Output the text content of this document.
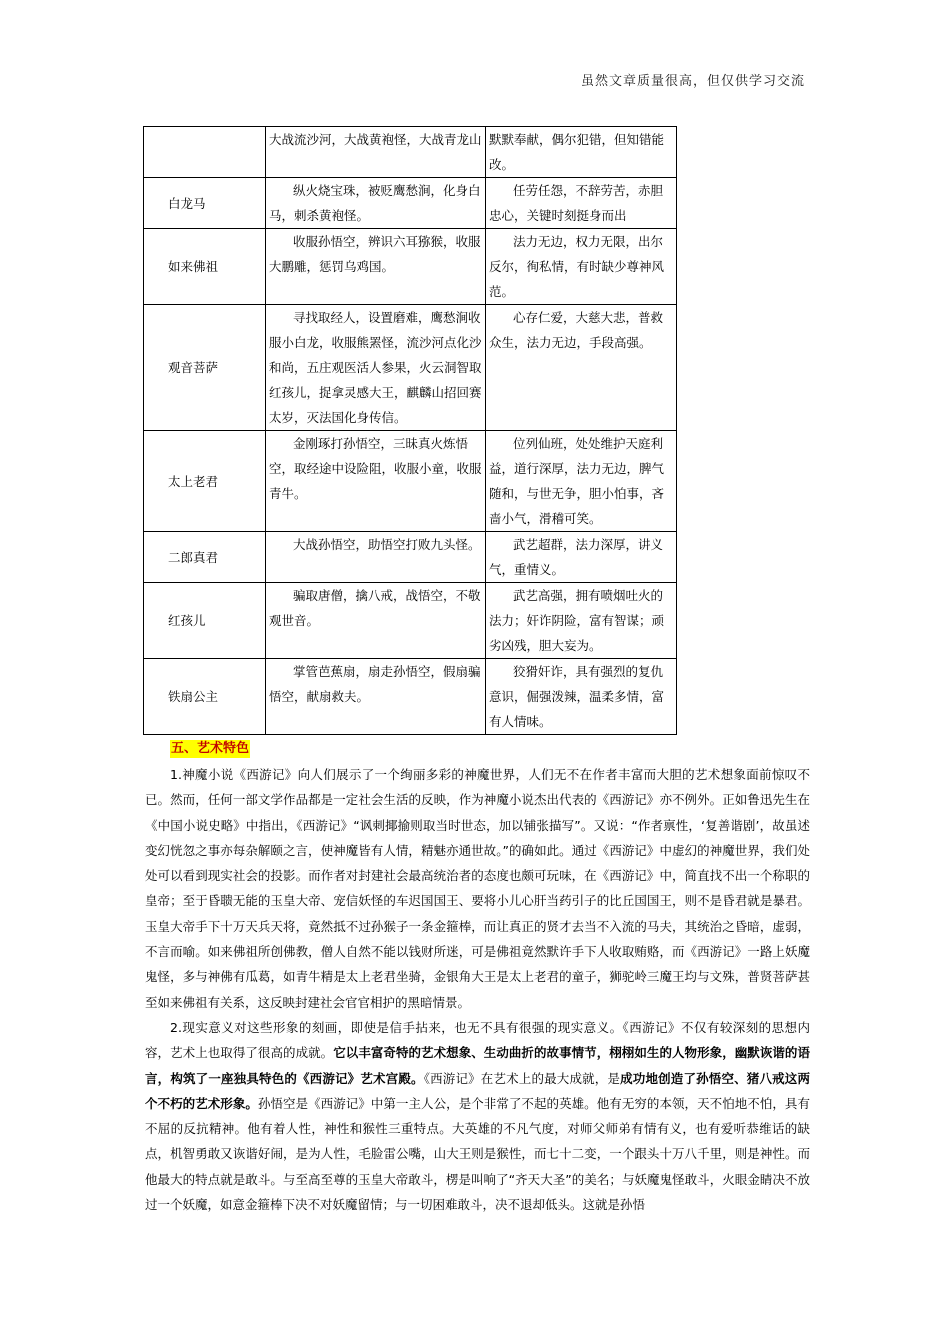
虽然文章质量很高，但仅供学习交流
	大战流沙河，大战黄袍怪，大战青龙山	默默奉献，偶尔犯错，但知错能改。
白龙马	纵火烧宝珠，被贬鹰愁涧，化身白马，刺杀黄袍怪。	任劳任怨，不辞劳苦，赤胆忠心，关键时刻挺身而出
如来佛祖	收服孙悟空，辨识六耳猕猴，收服大鹏雕，惩罚乌鸡国。	法力无边，权力无限，出尔反尔，徇私情，有时缺少尊神风范。
观音菩萨	寻找取经人，设置磨难，鹰愁涧收服小白龙，收服熊罴怪，流沙河点化沙和尚，五庄观医活人参果，火云洞智取红孩儿，捉拿灵感大王，麒麟山招回赛太岁，灭法国化身传信。	心存仁爱，大慈大悲，普救众生，法力无边，手段高强。
太上老君	金刚琢打孙悟空，三昧真火炼悟空，取经途中设险阻，收服小童，收服青牛。	位列仙班，处处维护天庭利益，道行深厚，法力无边，脾气随和，与世无争，胆小怕事，吝啬小气，滑稽可笑。
二郎真君	大战孙悟空，助悟空打败九头怪。	武艺超群，法力深厚，讲义气，重情义。
红孩儿	骗取唐僧，擒八戒，战悟空，不敬观世音。	武艺高强，拥有喷烟吐火的法力；奸诈阴险，富有智谋；顽劣凶残，胆大妄为。
铁扇公主	掌管芭蕉扇，扇走孙悟空，假扇骗悟空，献扇救夫。	狡猾奸诈，具有强烈的复仇意识，倔强泼辣，温柔多情，富有人情味。
五、艺术特色

1.神魔小说《西游记》向人们展示了一个绚丽多彩的神魔世界，人们无不在作者丰富而大胆的艺术想象面前惊叹不已。然而，任何一部文学作品都是一定社会生活的反映，作为神魔小说杰出代表的《西游记》亦不例外。正如鲁迅先生在《中国小说史略》中指出，《西游记》“讽刺揶揄则取当时世态，加以铺张描写”。又说：“作者禀性，‘复善谐剧’，故虽述变幻恍忽之事亦每杂解颐之言，使神魔皆有人情，精魅亦通世故。”的确如此。通过《西游记》中虚幻的神魔世界，我们处处可以看到现实社会的投影。而作者对封建社会最高统治者的态度也颇可玩味，在《西游记》中，简直找不出一个称职的皇帝；至于昏聩无能的玉皇大帝、宠信妖怪的车迟国国王、要将小儿心肝当药引子的比丘国国王，则不是昏君就是暴君。玉皇大帝手下十万天兵天将，竟然抵不过孙猴子一条金箍棒，而让真正的贤才去当不入流的马夫，其统治之昏暗，虚弱，不言而喻。如来佛祖所创佛教，僧人自然不能以钱财所迷，可是佛祖竟然默许手下人收取贿赂，而《西游记》一路上妖魔鬼怪，多与神佛有瓜葛，如青牛精是太上老君坐骑，金银角大王是太上老君的童子，狮驼岭三魔王均与文殊，普贤菩萨甚至如来佛祖有关系，这反映封建社会官官相护的黑暗情景。

2.现实意义对这些形象的刻画，即使是信手拈来，也无不具有很强的现实意义。《西游记》不仅有较深刻的思想内容，艺术上也取得了很高的成就。它以丰富奇特的艺术想象、生动曲折的故事情节，栩栩如生的人物形象，幽默诙谐的语言，构筑了一座独具特色的《西游记》艺术宫殿。《西游记》在艺术上的最大成就，是成功地创造了孙悟空、猪八戒这两个不朽的艺术形象。孙悟空是《西游记》中第一主人公，是个非常了不起的英雄。他有无穷的本领，天不怕地不怕，具有不屈的反抗精神。他有着人性，神性和猴性三重特点。大英雄的不凡气度，对师父师弟有情有义，也有爱听恭维话的缺点，机智勇敢又诙谐好闹，是为人性，毛脸雷公嘴，山大王则是猴性，而七十二变，一个跟头十万八千里，则是神性。而他最大的特点就是敢斗。与至高至尊的玉皇大帝敢斗，楞是叫响了“齐天大圣”的美名；与妖魔鬼怪敢斗，火眼金睛决不放过一个妖魔，如意金箍棒下决不对妖魔留情；与一切困难敢斗，决不退却低头。这就是孙悟
